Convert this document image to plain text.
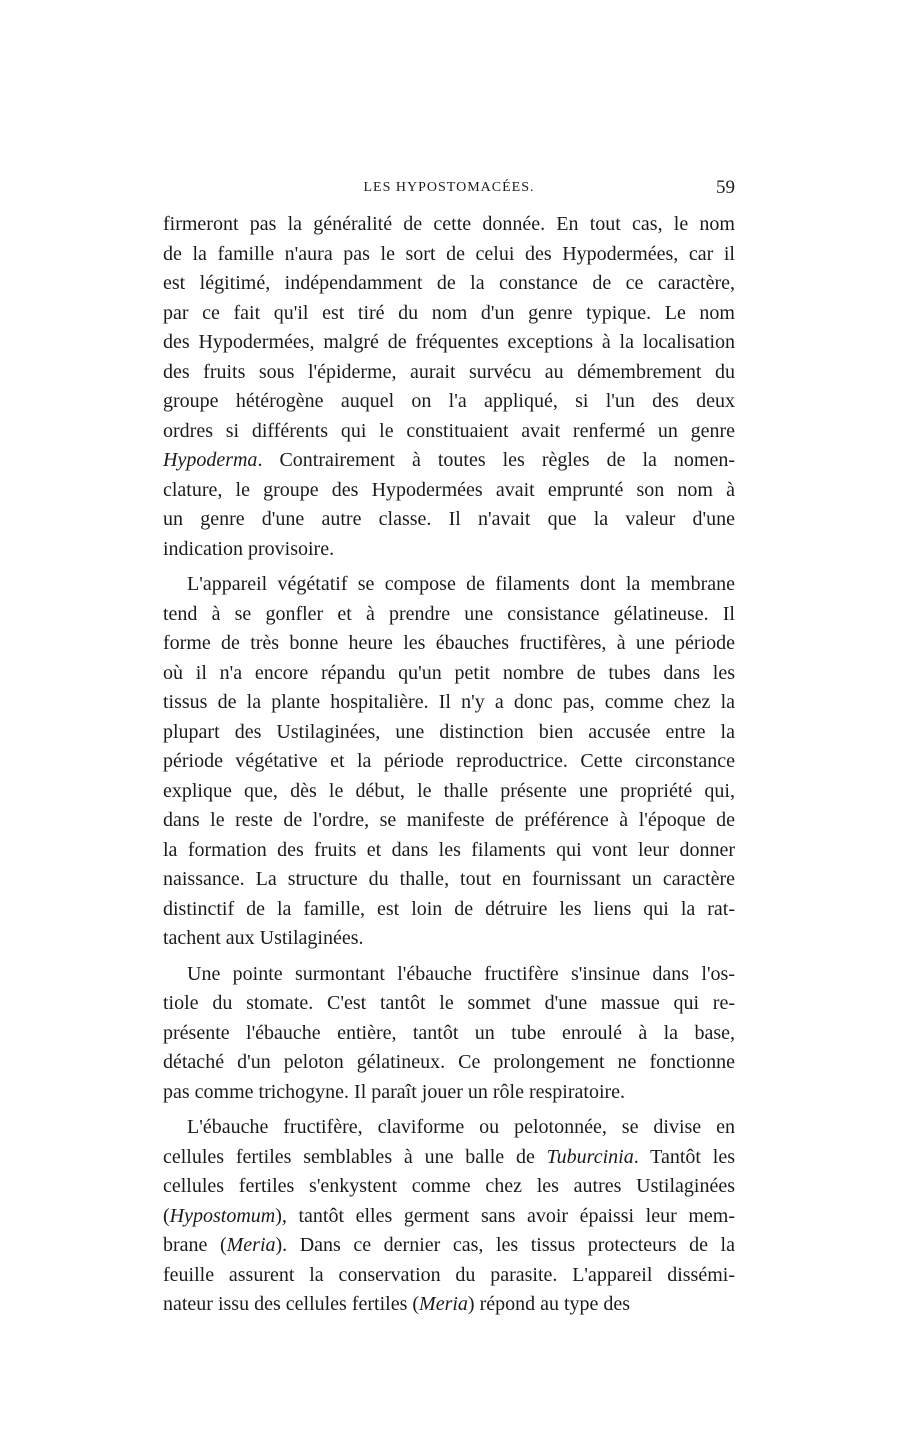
LES HYPOSTOMACÉES.	59
firmeront pas la généralité de cette donnée. En tout cas, le nom
de la famille n'aura pas le sort de celui des Hypodermées, car il
est légitimé, indépendamment de la constance de ce caractère,
par ce fait qu'il est tiré du nom d'un genre typique. Le nom
des Hypodermées, malgré de fréquentes exceptions à la localisation
des fruits sous l'épiderme, aurait survécu au démembrement du
groupe hétérogène auquel on l'a appliqué, si l'un des deux
ordres si différents qui le constituaient avait renfermé un genre
Hypoderma. Contrairement à toutes les règles de la nomen-
clature, le groupe des Hypodermées avait emprunté son nom à
un genre d'une autre classe. Il n'avait que la valeur d'une
indication provisoire.
L'appareil végétatif se compose de filaments dont la membrane
tend à se gonfler et à prendre une consistance gélatineuse. Il
forme de très bonne heure les ébauches fructifères, à une période
où il n'a encore répandu qu'un petit nombre de tubes dans les
tissus de la plante hospitalière. Il n'y a donc pas, comme chez la
plupart des Ustilaginées, une distinction bien accusée entre la
période végétative et la période reproductrice. Cette circonstance
explique que, dès le début, le thalle présente une propriété qui,
dans le reste de l'ordre, se manifeste de préférence à l'époque de
la formation des fruits et dans les filaments qui vont leur donner
naissance. La structure du thalle, tout en fournissant un caractère
distinctif de la famille, est loin de détruire les liens qui la rat-
tachent aux Ustilaginées.
Une pointe surmontant l'ébauche fructifère s'insinue dans l'os-
tiole du stomate. C'est tantôt le sommet d'une massue qui re-
présente l'ébauche entière, tantôt un tube enroulé à la base,
détaché d'un peloton gélatineux. Ce prolongement ne fonctionne
pas comme trichogyne. Il paraît jouer un rôle respiratoire.
L'ébauche fructifère, claviforme ou pelotonnée, se divise en
cellules fertiles semblables à une balle de Tuburcinia. Tantôt les
cellules fertiles s'enkystent comme chez les autres Ustilaginées
(Hypostomum), tantôt elles germent sans avoir épaissi leur mem-
brane (Meria). Dans ce dernier cas, les tissus protecteurs de la
feuille assurent la conservation du parasite. L'appareil dissémi-
nateur issu des cellules fertiles (Meria) répond au type des
